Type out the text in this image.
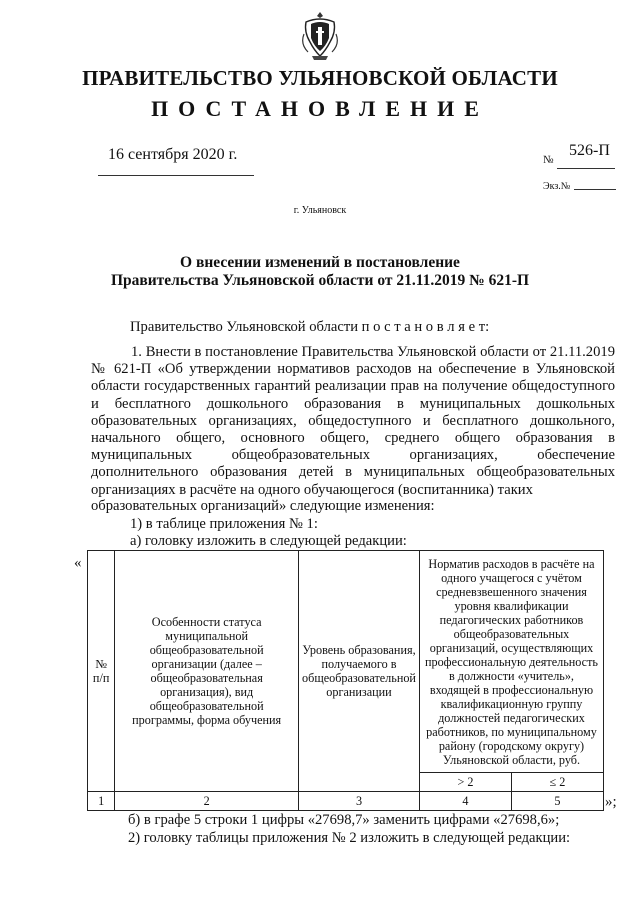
ПРАВИТЕЛЬСТВО УЛЬЯНОВСКОЙ ОБЛАСТИ
ПОСТАНОВЛЕНИЕ
16 сентября 2020 г.	№
526-П
Экз.№
г. Ульяновск
О внесении изменений в постановление
Правительства Ульяновской области от 21.11.2019 № 621-П
Правительство Ульяновской области п о с т а н о в л я е т:
1. Внести в постановление Правительства Ульяновской области от 21.11.2019 № 621-П «Об утверждении нормативов расходов на обеспечение в Ульяновской области государственных гарантий реализации прав на получение общедоступного и бесплатного дошкольного образования в муниципальных дошкольных образовательных организациях, общедоступного и бесплатного дошкольного, начального общего, основного общего, среднего общего образования в муниципальных общеобразовательных организациях, обеспечение дополнительного образования детей в муниципальных общеобразовательных организациях в расчёте на одного обучающегося (воспитанника) таких
образовательных организаций» следующие изменения:
1) в таблице приложения № 1:
а) головку изложить в следующей редакции:
«
№ п/п	Особенности статуса муниципальной общеобразовательной организации (далее – общеобразовательная организация), вид общеобразовательной программы, форма обучения	Уровень образования, получаемого в общеобразовательной организации	Норматив расходов в расчёте на одного учащегося с учётом средневзвешенного значения уровня квалификации педагогических работников общеобразовательных организаций, осуществляющих профессиональную деятельность в должности «учитель», входящей в профессиональную квалификационную группу должностей педагогических работников, по муниципальному району (городскому округу) Ульяновской области, руб.	
			> 2	≤ 2
1	2	3	4	5	»;
б) в графе 5 строки 1 цифры «27698,7» заменить цифрами «27698,6»;
2) головку таблицы приложения № 2 изложить в следующей редакции:
